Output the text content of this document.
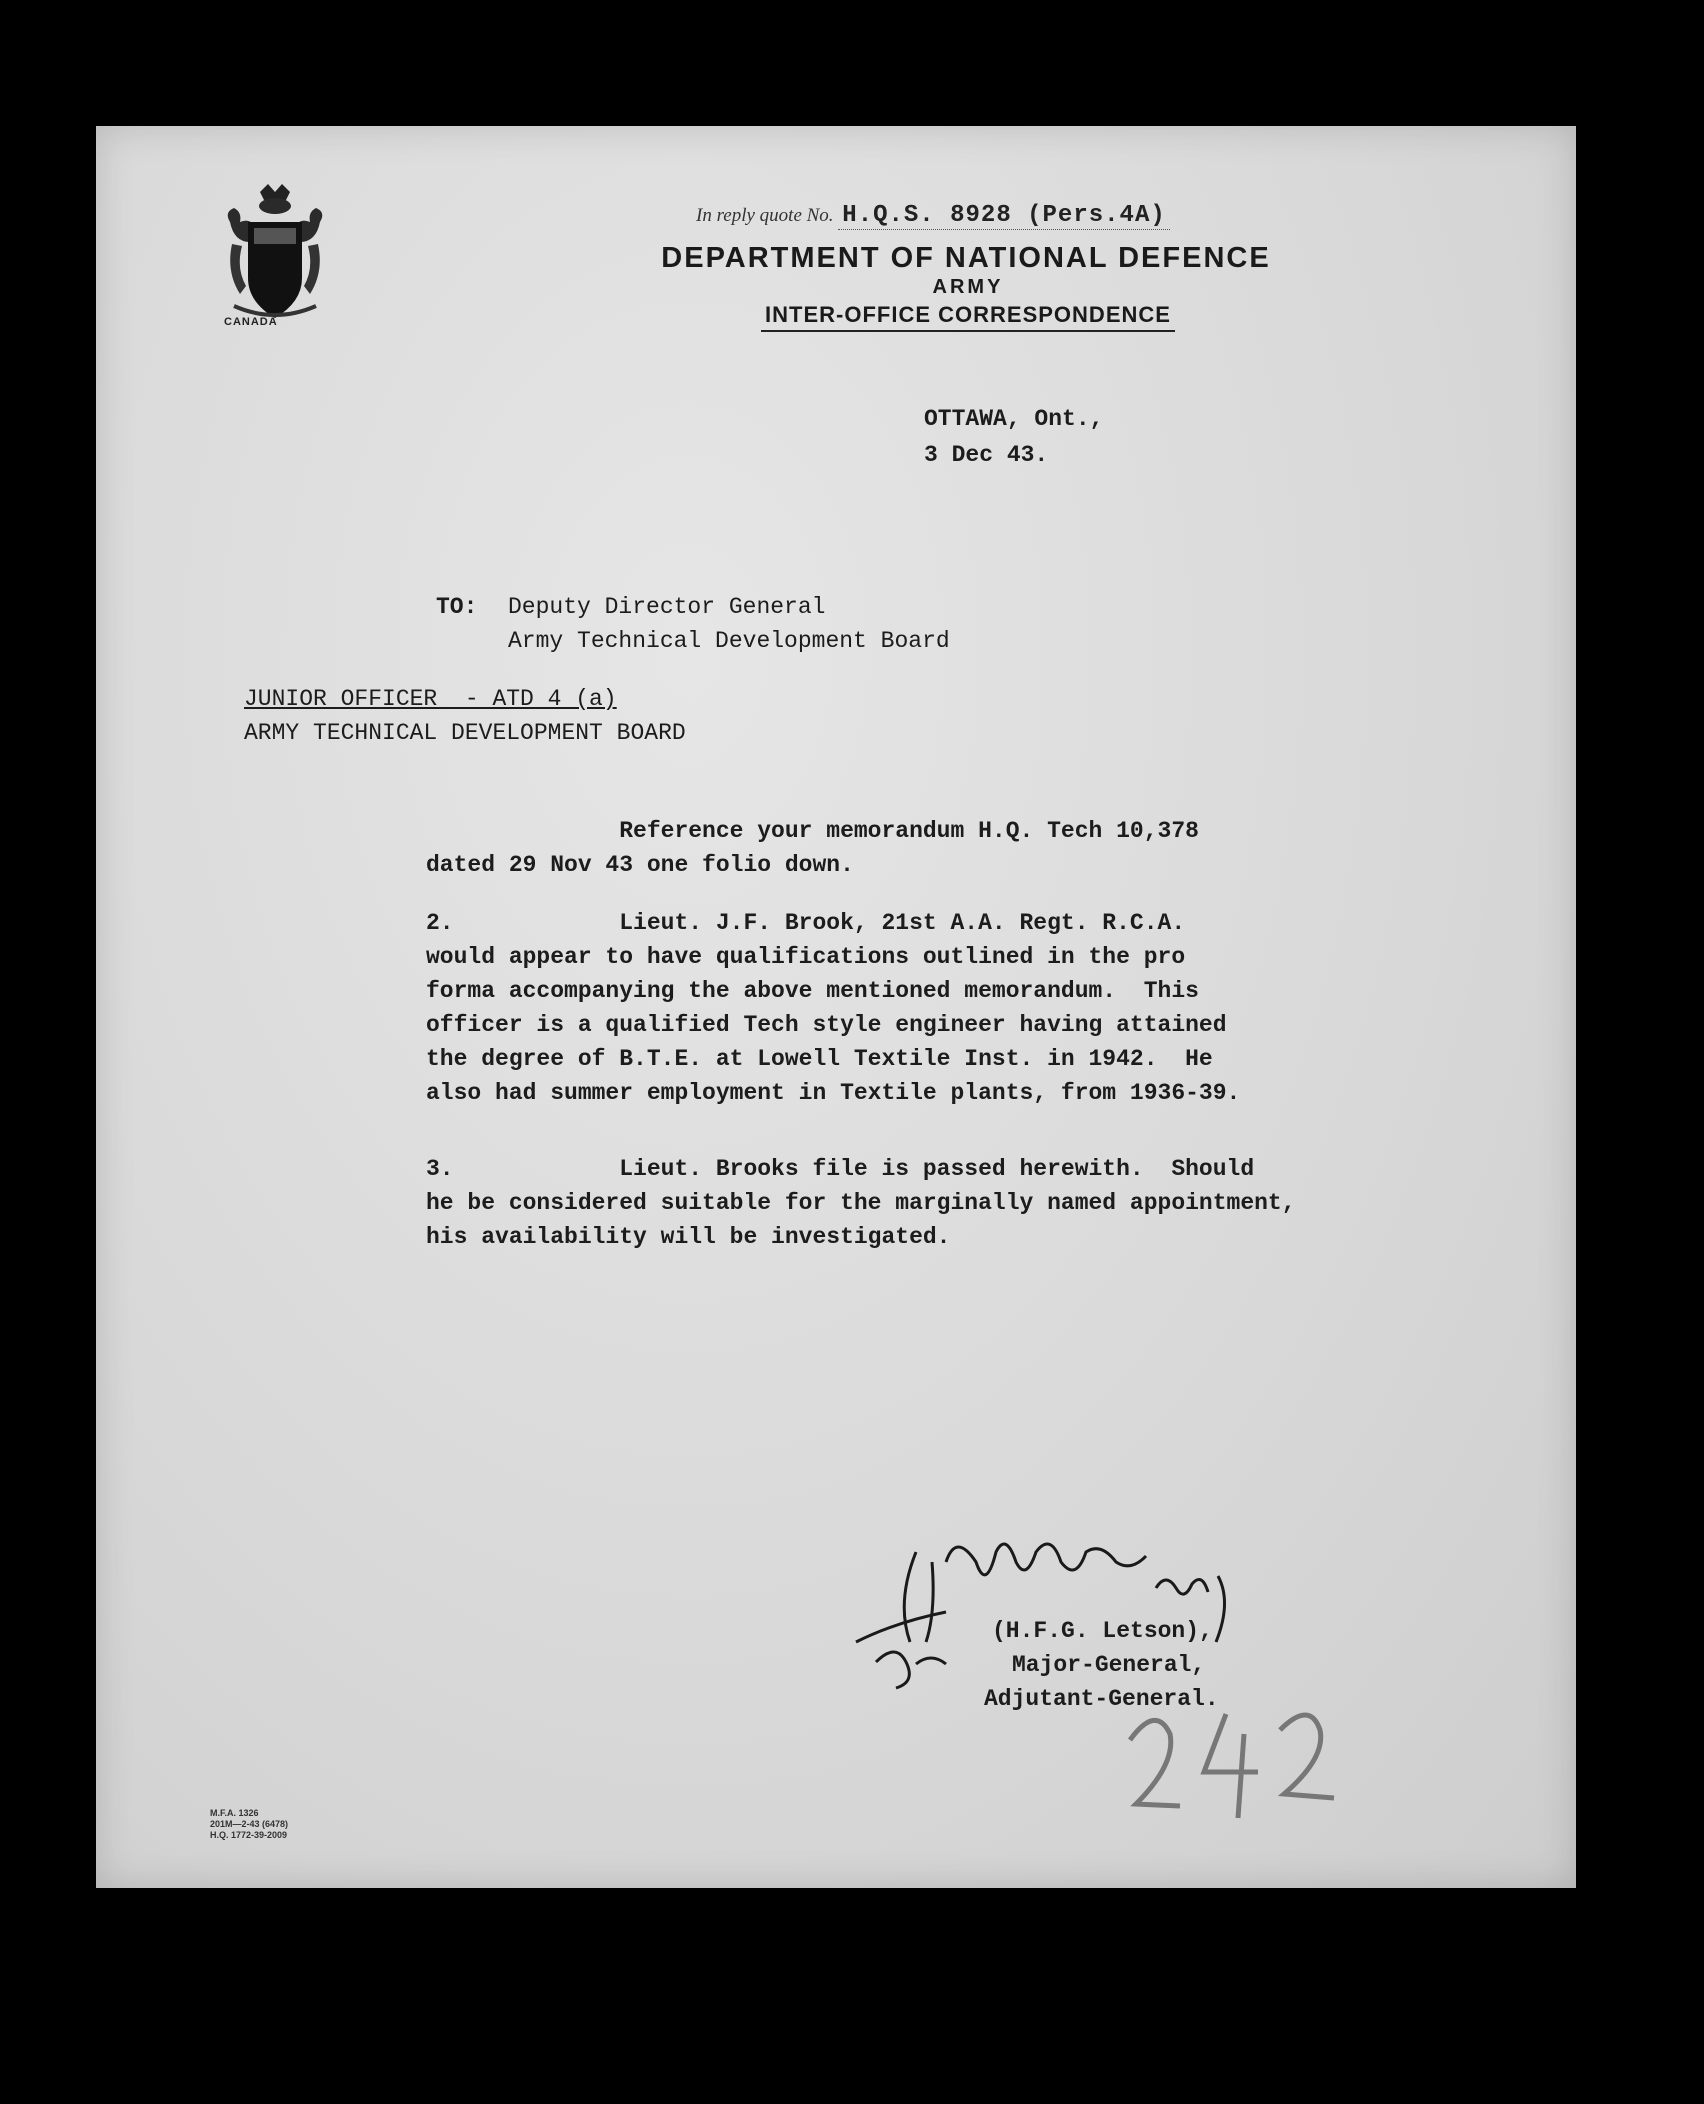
CANADA
In reply quote No. H.Q.S. 8928 (Pers.4A)
DEPARTMENT OF NATIONAL DEFENCE
ARMY
INTER-OFFICE CORRESPONDENCE
OTTAWA, Ont.,
3 Dec 43.
TO: Deputy Director General
Army Technical Development Board
JUNIOR OFFICER  - ATD 4 (a)
ARMY TECHNICAL DEVELOPMENT BOARD
Reference your memorandum H.Q. Tech 10,378
dated 29 Nov 43 one folio down.
2.            Lieut. J.F. Brook, 21st A.A. Regt. R.C.A.
would appear to have qualifications outlined in the pro
forma accompanying the above mentioned memorandum.  This
officer is a qualified Tech style engineer having attained
the degree of B.T.E. at Lowell Textile Inst. in 1942.  He
also had summer employment in Textile plants, from 1936-39.
3.            Lieut. Brooks file is passed herewith.  Should
he be considered suitable for the marginally named appointment,
his availability will be investigated.
(H.F.G. Letson),
Major-General,
Adjutant-General.
M.F.A. 1326
201M—2-43 (6478)
H.Q. 1772-39-2009
